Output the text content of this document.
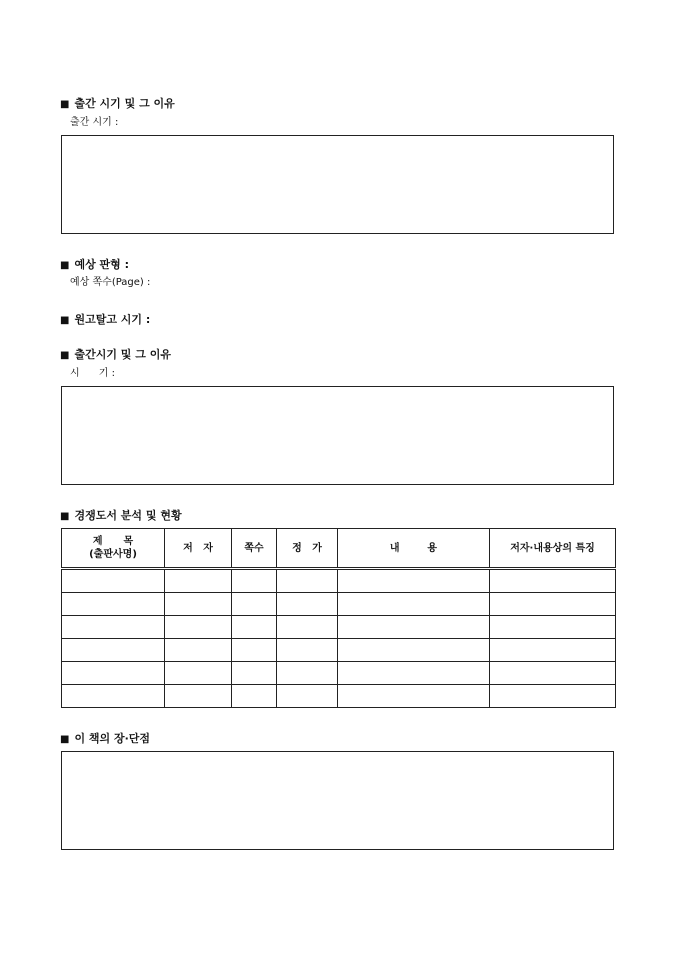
■ 출간 시기 및 그 이유
출간 시기 :
■ 예상 판형 :
예상 쪽수(Page) :
■ 원고탈고 시기 :
■ 출간시기 및 그 이유
시      기 :
■ 경쟁도서 분석 및 현황
제      목
(출판사명)	저   자	쪽수	정   가	내        용	저자·내용상의 특징

■ 이 책의 장·단점
